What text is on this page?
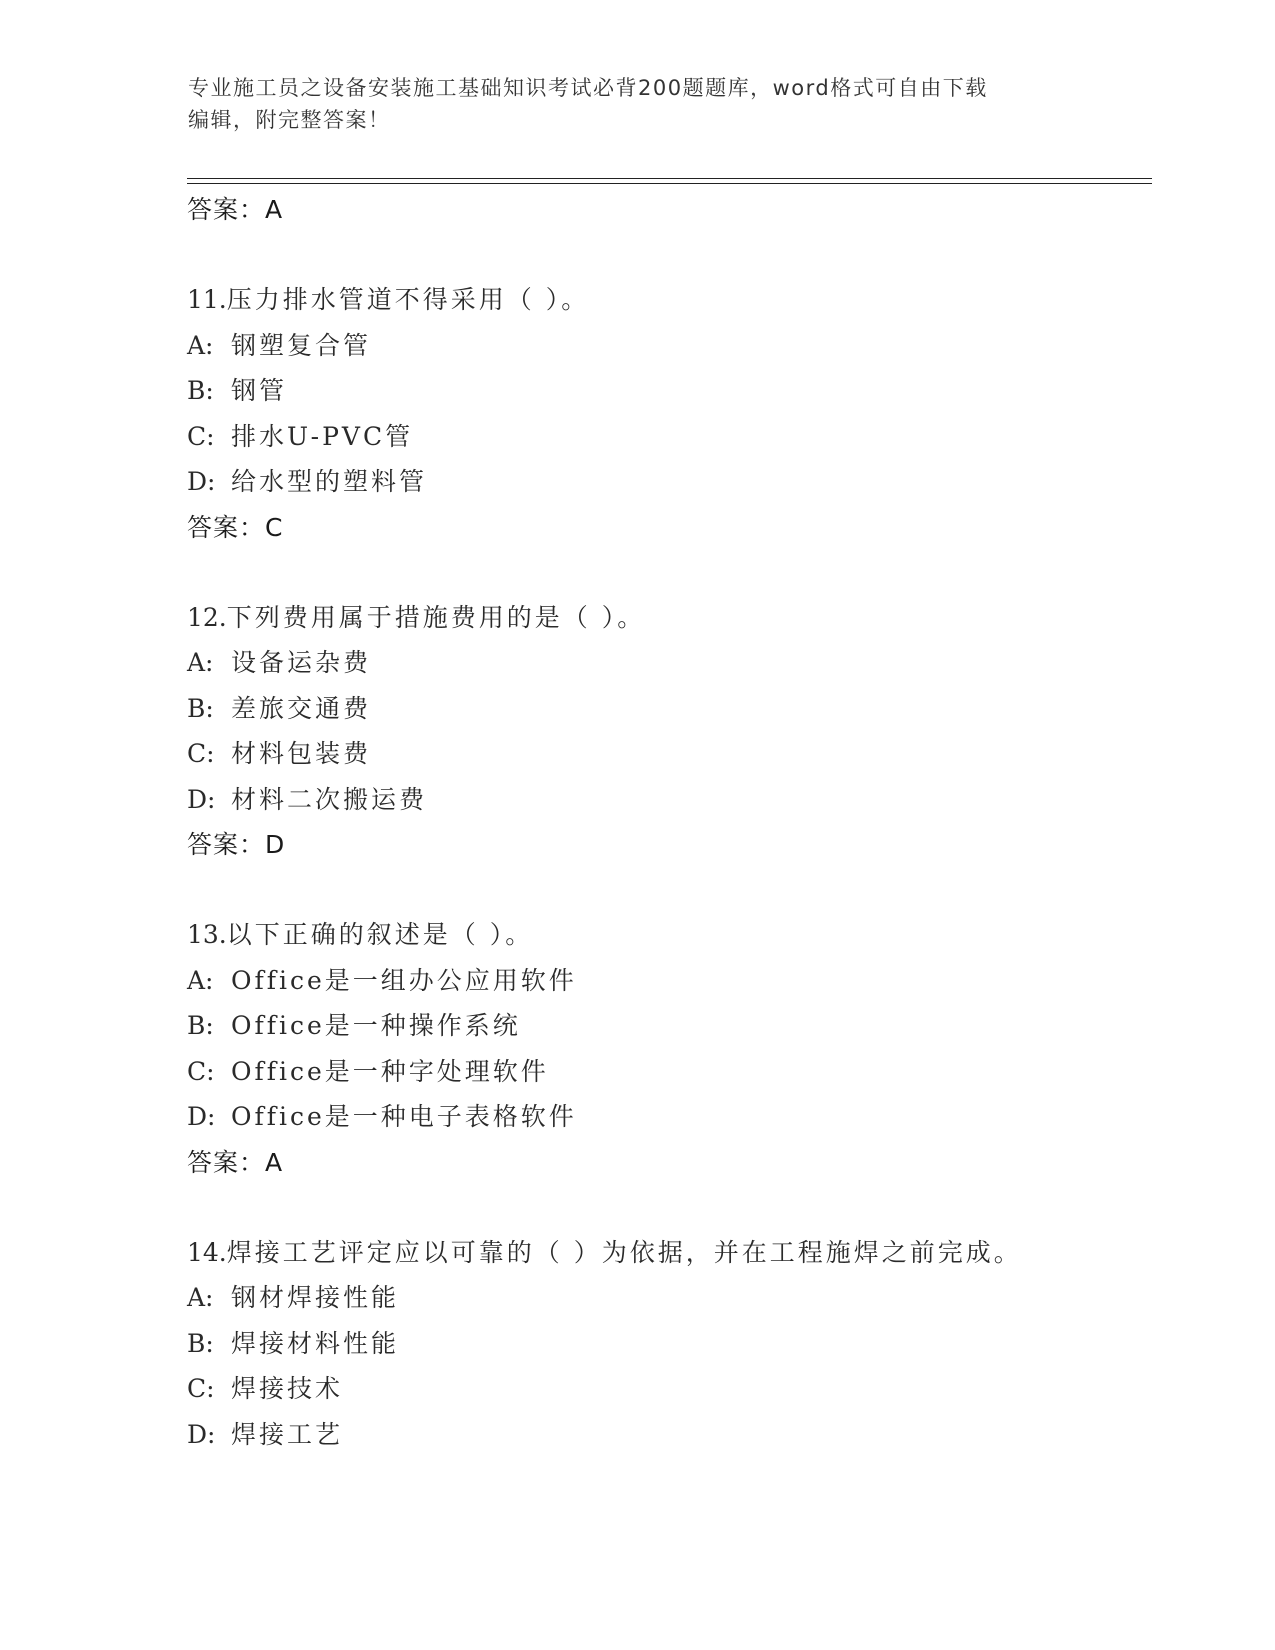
专业施工员之设备安装施工基础知识考试必背200题题库，word格式可自由下载
编辑，附完整答案！
答案：A
11.压力排水管道不得采用（ ）。
A: 钢塑复合管
B: 钢管
C: 排水U-PVC管
D: 给水型的塑料管
答案：C
12.下列费用属于措施费用的是（ ）。
A: 设备运杂费
B: 差旅交通费
C: 材料包装费
D: 材料二次搬运费
答案：D
13.以下正确的叙述是（ ）。
A: Office是一组办公应用软件
B: Office是一种操作系统
C: Office是一种字处理软件
D: Office是一种电子表格软件
答案：A
14.焊接工艺评定应以可靠的（ ）为依据，并在工程施焊之前完成。
A: 钢材焊接性能
B: 焊接材料性能
C: 焊接技术
D: 焊接工艺
